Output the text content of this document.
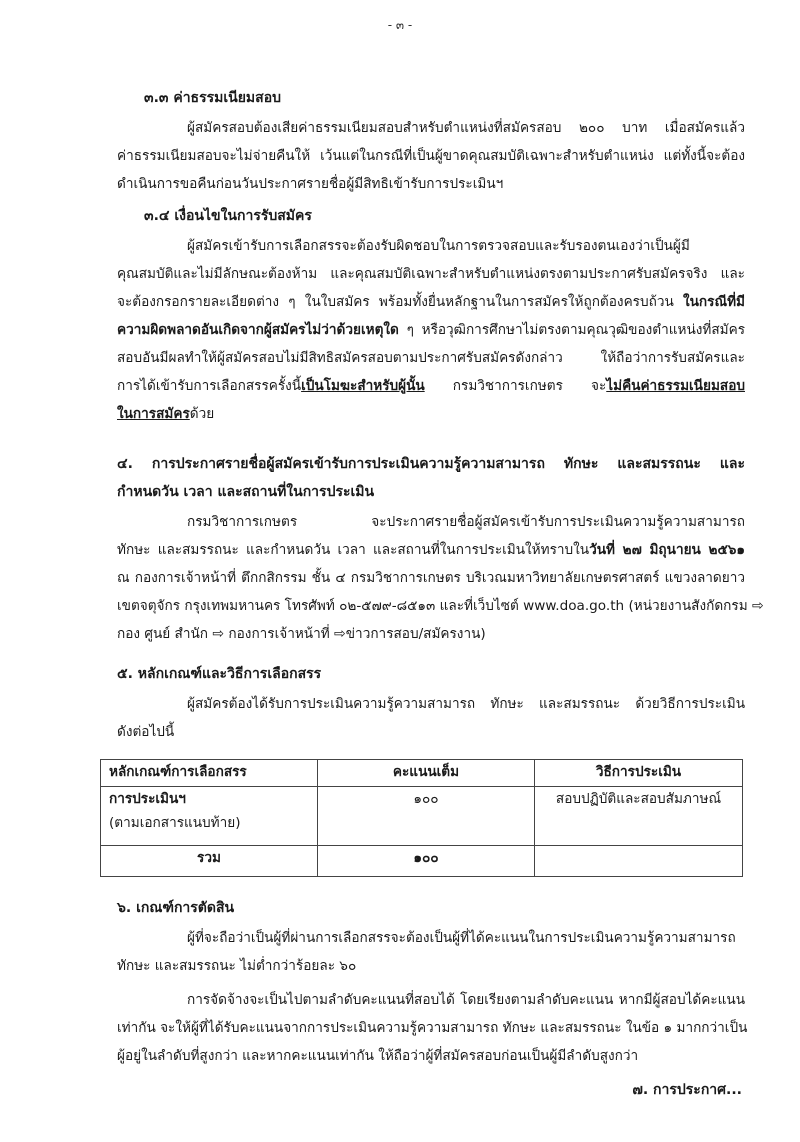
- ๓ -
๓.๓ ค่าธรรมเนียมสอบ
ผู้สมัครสอบต้องเสียค่าธรรมเนียมสอบสำหรับตำแหน่งที่สมัครสอบ ๒๐๐ บาท เมื่อสมัครแล้ว
ค่าธรรมเนียมสอบจะไม่จ่ายคืนให้ เว้นแต่ในกรณีที่เป็นผู้ขาดคุณสมบัติเฉพาะสำหรับตำแหน่ง แต่ทั้งนี้จะต้อง
ดำเนินการขอคืนก่อนวันประกาศรายชื่อผู้มีสิทธิเข้ารับการประเมินฯ
๓.๔ เงื่อนไขในการรับสมัคร
ผู้สมัครเข้ารับการเลือกสรรจะต้องรับผิดชอบในการตรวจสอบและรับรองตนเองว่าเป็นผู้มี
คุณสมบัติและไม่มีลักษณะต้องห้าม และคุณสมบัติเฉพาะสำหรับตำแหน่งตรงตามประกาศรับสมัครจริง และ
จะต้องกรอกรายละเอียดต่าง ๆ ในใบสมัคร พร้อมทั้งยื่นหลักฐานในการสมัครให้ถูกต้องครบถ้วน ในกรณีที่มี
ความผิดพลาดอันเกิดจากผู้สมัครไม่ว่าด้วยเหตุใด ๆ หรือวุฒิการศึกษาไม่ตรงตามคุณวุฒิของตำแหน่งที่สมัคร
สอบอันมีผลทำให้ผู้สมัครสอบไม่มีสิทธิสมัครสอบตามประกาศรับสมัครดังกล่าว ให้ถือว่าการรับสมัครและ
การได้เข้ารับการเลือกสรรครั้งนี้เป็นโมฆะสำหรับผู้นั้น กรมวิชาการเกษตร จะไม่คืนค่าธรรมเนียมสอบ
ในการสมัครด้วย
๔. การประกาศรายชื่อผู้สมัครเข้ารับการประเมินความรู้ความสามารถ ทักษะ และสมรรถนะ และ
กำหนดวัน เวลา และสถานที่ในการประเมิน
กรมวิชาการเกษตร จะประกาศรายชื่อผู้สมัครเข้ารับการประเมินความรู้ความสามารถ
ทักษะ และสมรรถนะ และกำหนดวัน เวลา และสถานที่ในการประเมินให้ทราบในวันที่ ๒๗ มิถุนายน ๒๕๖๑
ณ กองการเจ้าหน้าที่ ตึกกสิกรรม ชั้น ๔ กรมวิชาการเกษตร บริเวณมหาวิทยาลัยเกษตรศาสตร์ แขวงลาดยาว
เขตจตุจักร กรุงเทพมหานคร โทรศัพท์ ๐๒-๕๗๙-๘๕๑๓ และที่เว็บไซต์ www.doa.go.th (หน่วยงานสังกัดกรม ⇨
กอง ศูนย์ สำนัก ⇨ กองการเจ้าหน้าที่ ⇨ข่าวการสอบ/สมัครงาน)
๕. หลักเกณฑ์และวิธีการเลือกสรร
ผู้สมัครต้องได้รับการประเมินความรู้ความสามารถ ทักษะ และสมรรถนะ ด้วยวิธีการประเมิน
ดังต่อไปนี้
หลักเกณฑ์การเลือกสรร	คะแนนเต็ม	วิธีการประเมิน

การประเมินฯ
(ตามเอกสารแนบท้าย)	๑๐๐	สอบปฏิบัติและสอบสัมภาษณ์
รวม	๑๐๐	
๖. เกณฑ์การตัดสิน
ผู้ที่จะถือว่าเป็นผู้ที่ผ่านการเลือกสรรจะต้องเป็นผู้ที่ได้คะแนนในการประเมินความรู้ความสามารถ
ทักษะ และสมรรถนะ ไม่ต่ำกว่าร้อยละ ๖๐
การจัดจ้างจะเป็นไปตามลำดับคะแนนที่สอบได้ โดยเรียงตามลำดับคะแนน หากมีผู้สอบได้คะแนน
เท่ากัน จะให้ผู้ที่ได้รับคะแนนจากการประเมินความรู้ความสามารถ ทักษะ และสมรรถนะ ในข้อ ๑ มากกว่าเป็น
ผู้อยู่ในลำดับที่สูงกว่า และหากคะแนนเท่ากัน ให้ถือว่าผู้ที่สมัครสอบก่อนเป็นผู้มีลำดับสูงกว่า
๗. การประกาศ...
